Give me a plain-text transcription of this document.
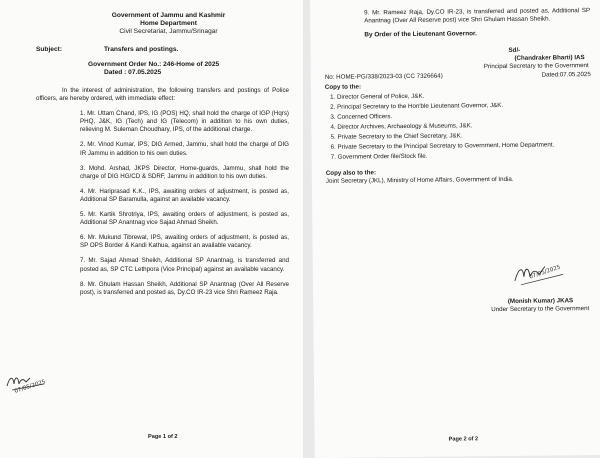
Government of Jammu and Kashmir
Home Department
Civil Secretariat, Jammu/Srinagar
Subject:	Transfers and postings.
Government Order No.: 246-Home of 2025
Dated : 07.05.2025
In the interest of administration, the following transfers and postings of Police officers, are hereby ordered, with immediate effect:
1. Mr. Uttam Chand, IPS, IG (POS) HQ, shall hold the charge of IGP (Hqrs) PHQ, J&K, IG (Tech) and IG (Telecom) in addition to his own duties, relieving M. Suleman Choudhary, IPS, of the additional charge.
2. Mr. Vinod Kumar, IPS, DIG Armed, Jammu, shall hold the charge of DIG IR Jammu in addition to his own duties.
3. Mohd. Arshad, JKPS Director, Home-guards, Jammu, shall hold the charge of DIG HG/CD & SDRF, Jammu in addition to his own duties.
4. Mr. Hariprasad K.K., IPS, awaiting orders of adjustment, is posted as, Additional SP Baramulla, against an available vacancy.
5. Mr. Kartik Shrotriya, IPS, awaiting orders of adjustment, is posted as, Additional SP Anantnag vice Sajad Ahmad Sheikh.
6. Mr. Mukund Tibrewal, IPS, awaiting orders of adjustment, is posted as, SP OPS Border & Kandi Kathua, against an available vacancy.
7. Mr. Sajad Ahmad Sheikh, Additional SP Anantnag, is transferred and posted as, SP CTC Lethpora (Vice Principal) against an available vacancy.
8. Mr. Ghulam Hassan Sheikh, Additional SP Anantnag (Over All Reserve post), is transferred and posted as, Dy.CO IR-23 vice Shri Rameez Raja.
07/05/2025
Page 1 of 2
9. Mr. Rameez Raja, Dy.CO IR-23, is transferred and posted as, Additional SP Anantnag (Over All Reserve post) vice Shri Ghulam Hassan Sheikh.
By Order of the Lieutenant Governor.
Sd/-
(Chandraker Bharti) IAS
Principal Secretary to the Government
No: HOME-PG/338/2023-03 (CC 7326664)	Dated:07.05.2025
Copy to the:
1. Director General of Police, J&K.
2. Principal Secretary to the Hon'ble Lieutenant Governor, J&K.
3. Concerned Officers.
4. Director Archives, Archaeology & Museums, J&K.
5. Private Secretary to the Chief Secretary, J&K.
6. Private Secretary to the Principal Secretary to Government, Home Department.
7. Government Order file/Stock file.
Copy also to the:
Joint Secretary (JKL), Ministry of Home Affairs, Government of India.
07/05/2025
(Monish Kumar) JKAS
Under Secretary to the Government
Page 2 of 2
